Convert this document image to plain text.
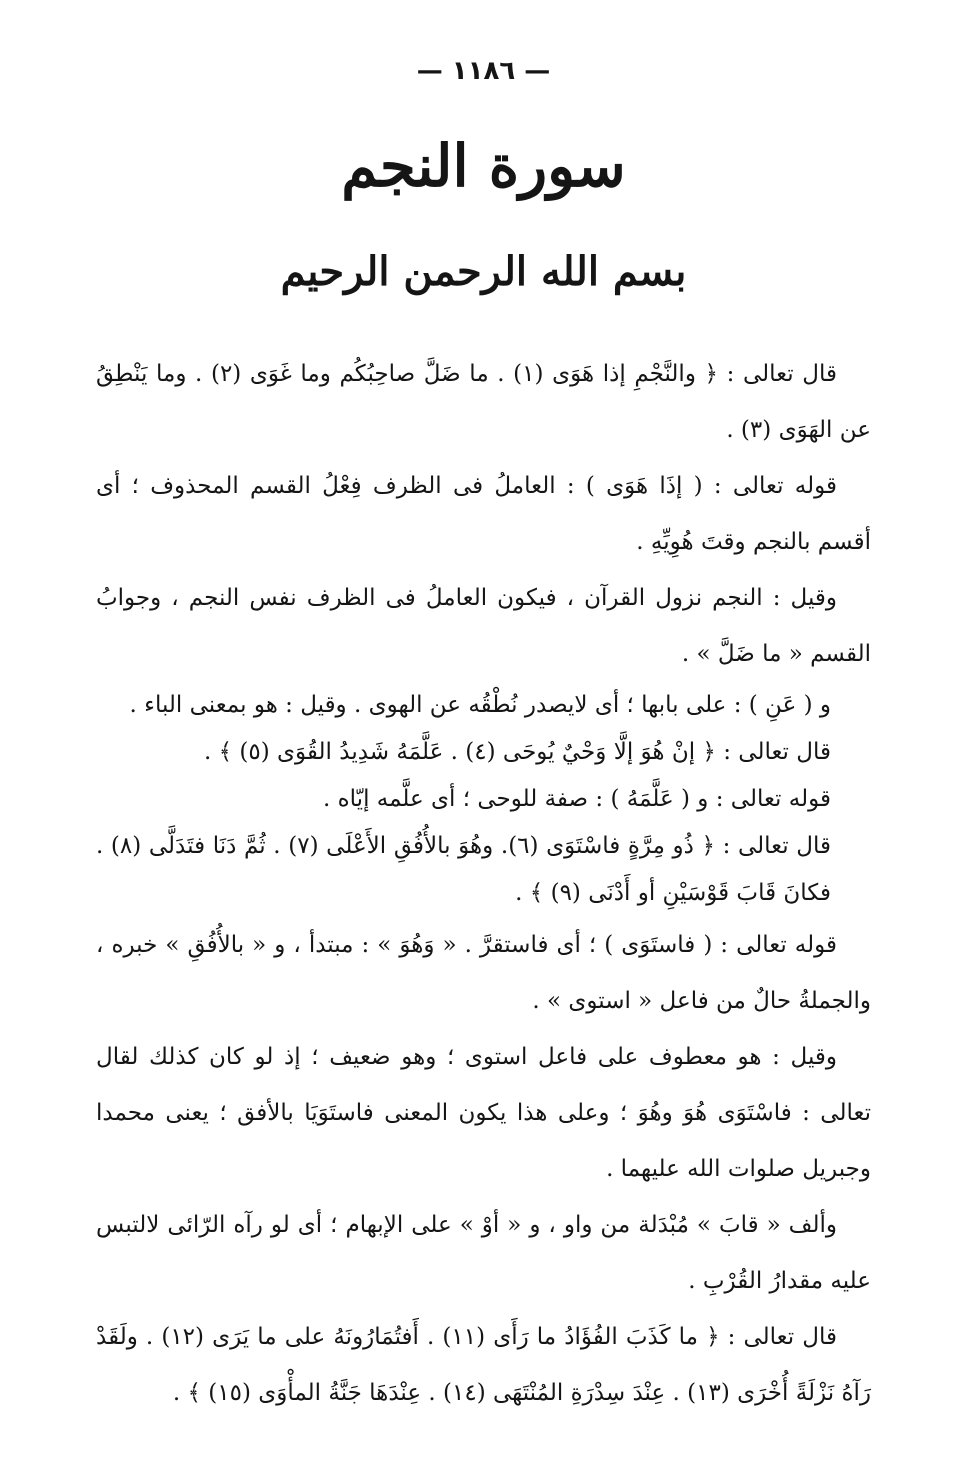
— ١١٨٦ —
سورة النجم
بسم الله الرحمن الرحيم

قال تعالى : ﴿ والنَّجْمِ إذا هَوَى (١) . ما ضَلَّ صاحِبُكُم وما غَوَى (٢) . وما يَنْطِقُ عن الهَوَى (٣) .

قوله تعالى : ( إذَا هَوَى ) : العاملُ فى الظرف فِعْلُ القسم المحذوف ؛ أى أقسم بالنجم وقتَ هُوِيِّهِ .

وقيل : النجم نزول القرآن ، فيكون العاملُ فى الظرف نفس النجم ، وجوابُ القسم « ما ضَلَّ » .

و ( عَنِ ) : على بابها ؛ أى لايصدر نُطْقُه عن الهوى . وقيل : هو بمعنى الباء .

قال تعالى : ﴿ إنْ هُوَ إلَّا وَحْيٌ يُوحَى (٤) . عَلَّمَهُ شَدِيدُ القُوَى (٥) ﴾ .

قوله تعالى : و ( عَلَّمَهُ ) : صفة للوحى ؛ أى علَّمه إيّاه .

قال تعالى : ﴿ ذُو مِرَّةٍ فاسْتَوَى (٦). وهُوَ بالأُفُقِ الأَعْلَى (٧) . ثُمَّ دَنَا فتَدَلَّى (٨) . فكانَ قَابَ قَوْسَيْنِ أو أَدْنَى (٩) ﴾ .

قوله تعالى : ( فاستَوَى ) ؛ أى فاستقرَّ . « وَهُوَ » : مبتدأ ، و « بالأُفُقِ » خبره ، والجملةُ حالٌ من فاعل « استوى » .

وقيل : هو معطوف على فاعل استوى ؛ وهو ضعيف ؛ إذ لو كان كذلك لقال تعالى : فاسْتَوَى هُوَ وهُوَ ؛ وعلى هذا يكون المعنى فاستَوَيَا بالأفق ؛ يعنى محمدا وجبريل صلوات الله عليهما .

وألف « قابَ » مُبْدَلة من واو ، و « أوْ » على الإبهام ؛ أى لو رآه الرّائى لالتبس عليه مقدارُ القُرْبِ .

قال تعالى : ﴿ ما كَذَبَ الفُؤَادُ ما رَأَى (١١) . أَفتُمَارُونَهُ على ما يَرَى (١٢) . ولَقَدْ رَآهُ نَزْلَةً أُخْرَى (١٣) . عِنْدَ سِدْرَةِ المُنْتَهَى (١٤) . عِنْدَهَا جَنَّةُ المأْوَى (١٥) ﴾ .
